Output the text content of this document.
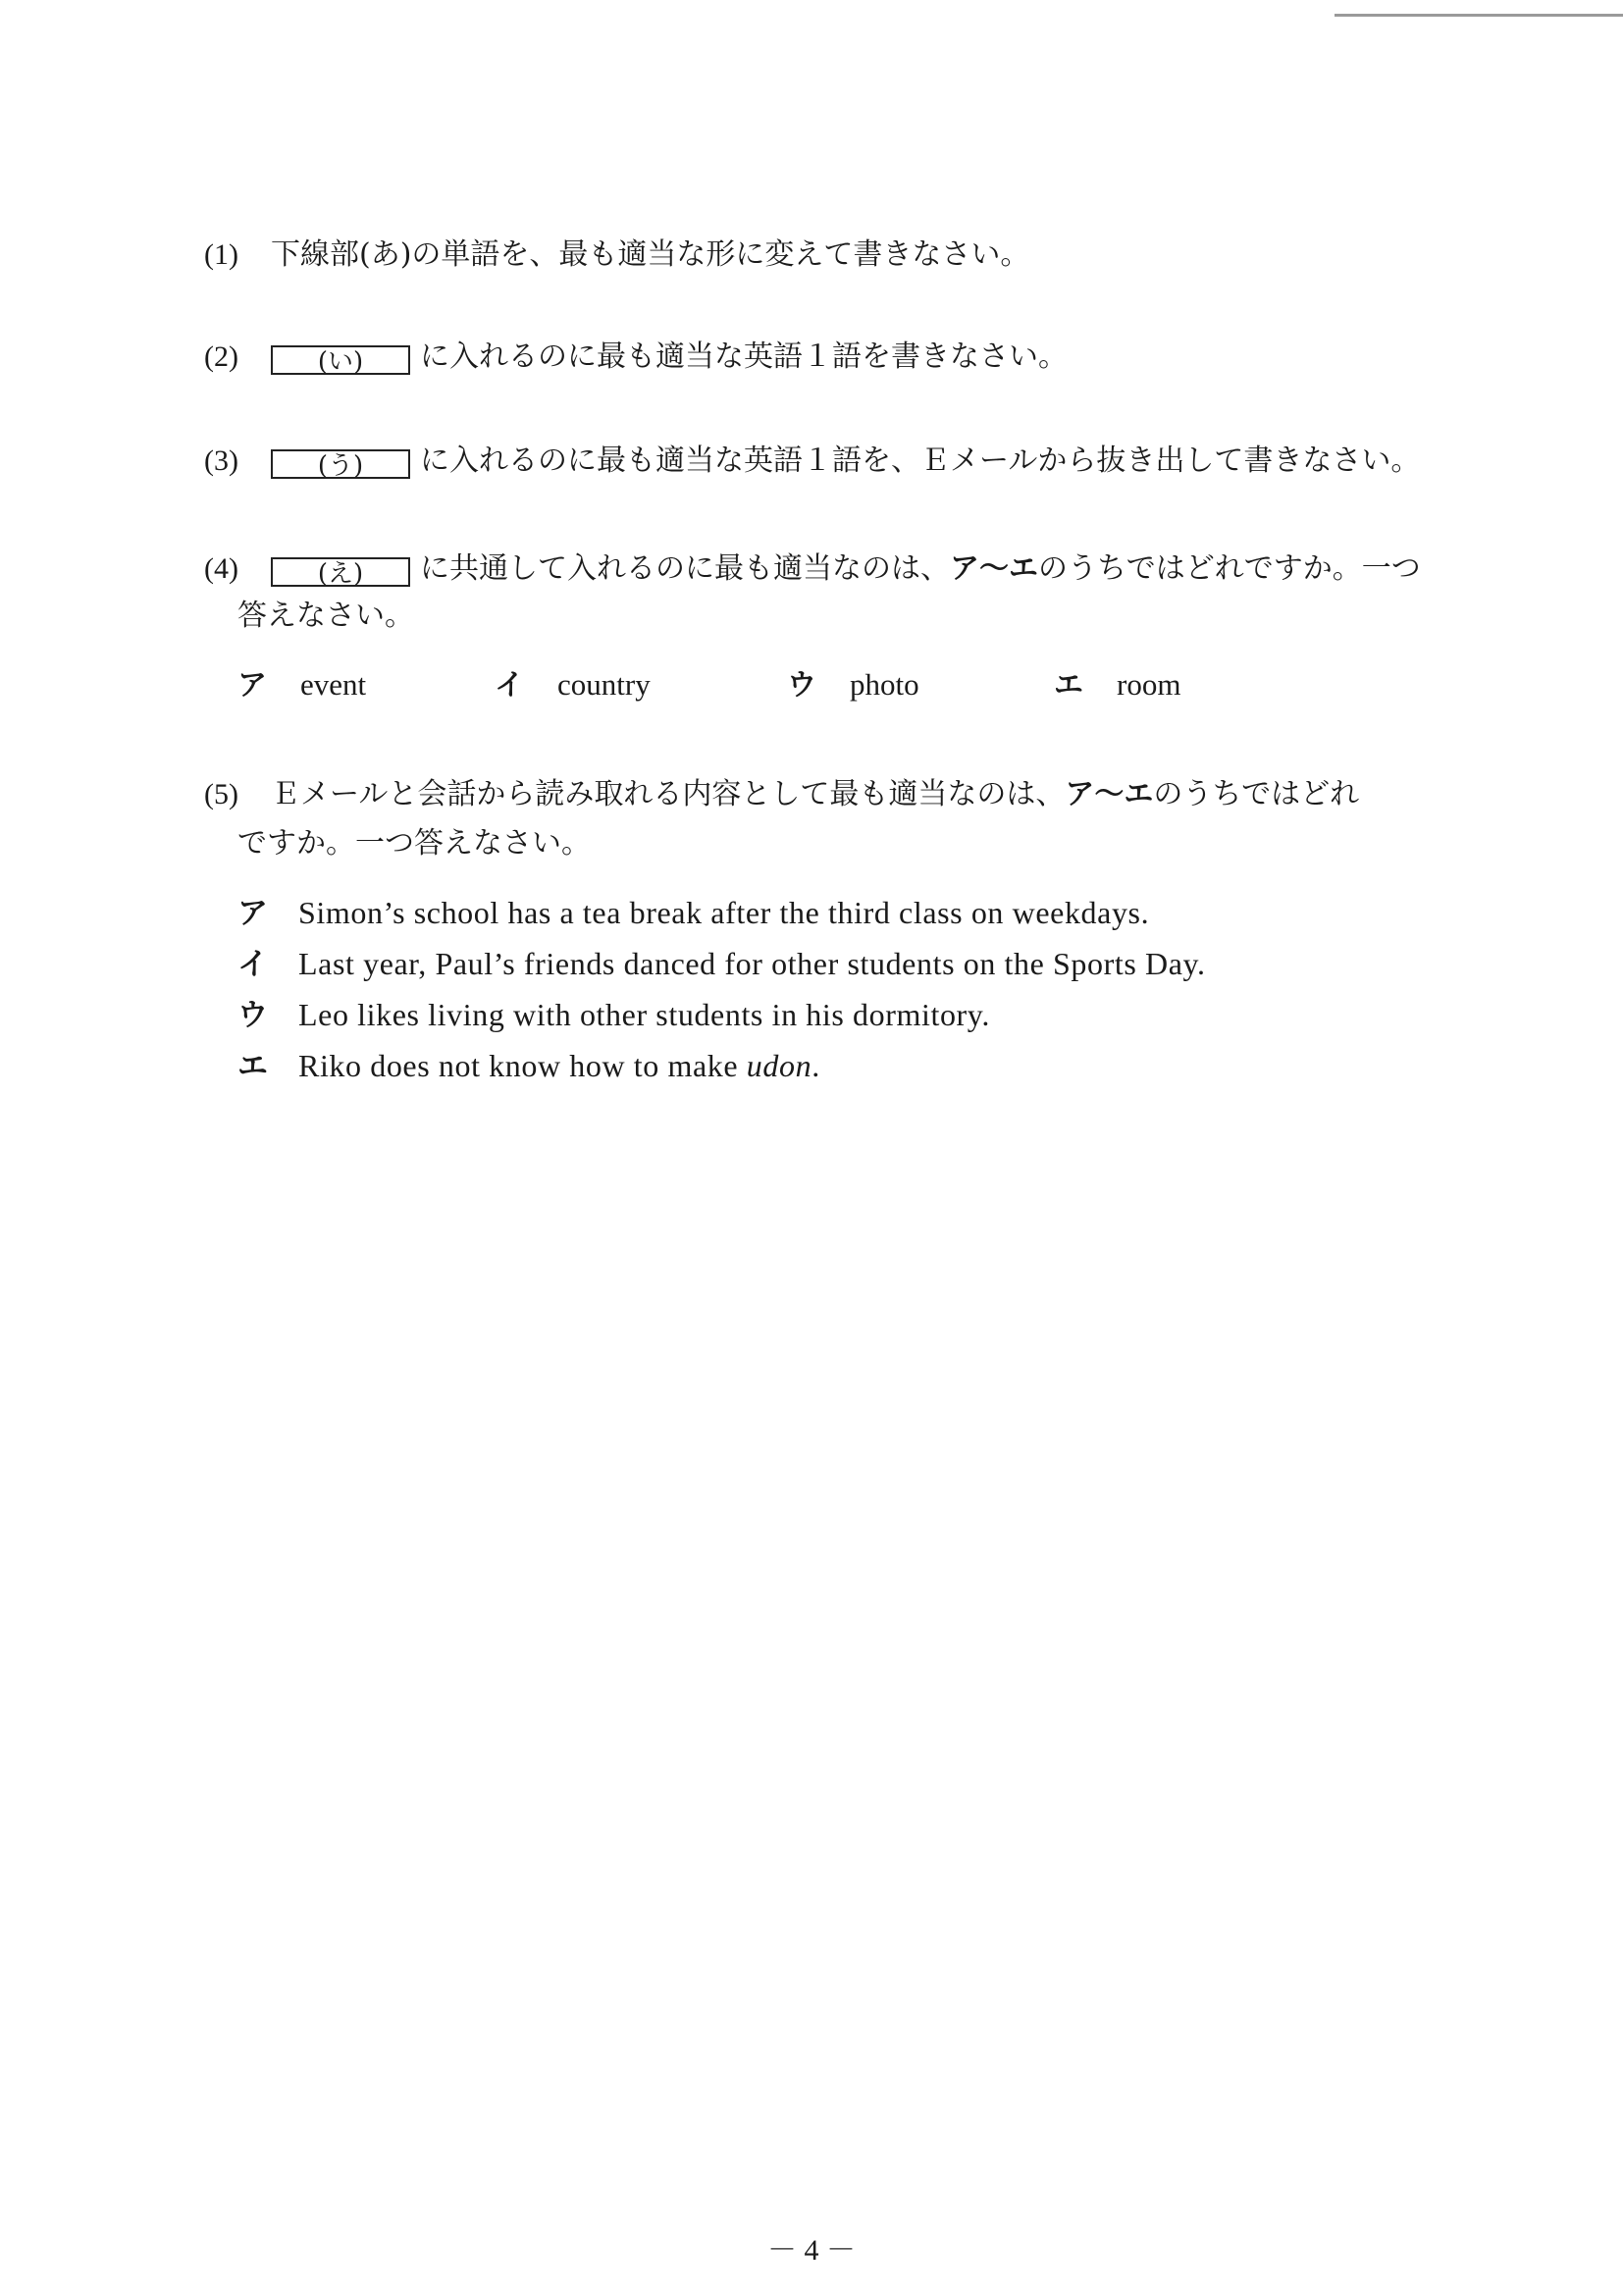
(1) 下線部(あ)の単語を、最も適当な形に変えて書きなさい。
(2)	(い) に入れるのに最も適当な英語１語を書きなさい。
(3)	(う) に入れるのに最も適当な英語１語を、Ｅメールから抜き出して書きなさい。
(4)	(え) に共通して入れるのに最も適当なのは、ア～エのうちではどれですか。一つ
答えなさい。
ア event	イ country	ウ photo	エ room
(5) Ｅメールと会話から読み取れる内容として最も適当なのは、ア～エのうちではどれ
ですか。一つ答えなさい。
ア Simon’s school has a tea break after the third class on weekdays.
イ Last year, Paul’s friends danced for other students on the Sports Day.
ウ Leo likes living with other students in his dormitory.
エ Riko does not know how to make udon.
－ 4 －
